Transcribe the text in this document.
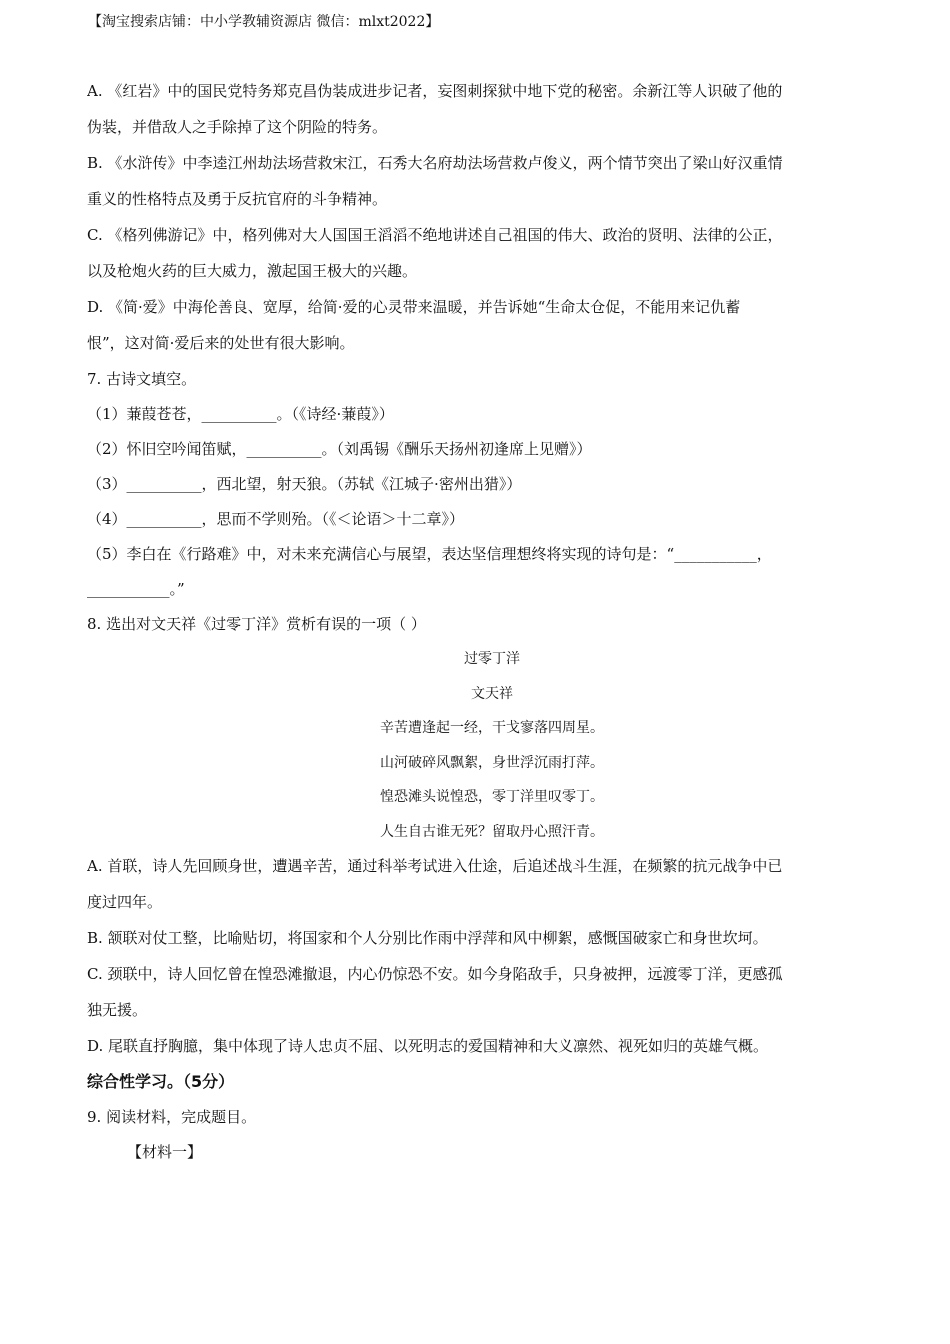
【淘宝搜索店铺：中小学教辅资源店 微信：mlxt2022】
A. 《红岩》中的国民党特务郑克昌伪装成进步记者，妄图刺探狱中地下党的秘密。余新江等人识破了他的
伪装，并借敌人之手除掉了这个阴险的特务。
B. 《水浒传》中李逵江州劫法场营救宋江，石秀大名府劫法场营救卢俊义，两个情节突出了梁山好汉重情
重义的性格特点及勇于反抗官府的斗争精神。
C. 《格列佛游记》中，格列佛对大人国国王滔滔不绝地讲述自己祖国的伟大、政治的贤明、法律的公正，
以及枪炮火药的巨大威力，激起国王极大的兴趣。
D. 《简·爱》中海伦善良、宽厚，给简·爱的心灵带来温暖，并告诉她“生命太仓促，不能用来记仇蓄
恨”，这对简·爱后来的处世有很大影响。
7. 古诗文填空。
（1）蒹葭苍苍，__________。（《诗经·蒹葭》）
（2）怀旧空吟闻笛赋，__________。（刘禹锡《酬乐天扬州初逢席上见赠》）
（3）__________，西北望，射天狼。（苏轼《江城子·密州出猎》）
（4）__________，思而不学则殆。（《＜论语＞十二章》）
（5）李白在《行路难》中，对未来充满信心与展望，表达坚信理想终将实现的诗句是：“___________，
___________。”
8. 选出对文天祥《过零丁洋》赏析有误的一项（ ）
过零丁洋
文天祥
辛苦遭逢起一经，干戈寥落四周星。
山河破碎风飘絮，身世浮沉雨打萍。
惶恐滩头说惶恐，零丁洋里叹零丁。
人生自古谁无死？留取丹心照汗青。
A. 首联，诗人先回顾身世，遭遇辛苦，通过科举考试进入仕途，后追述战斗生涯，在频繁的抗元战争中已
度过四年。
B. 颔联对仗工整，比喻贴切，将国家和个人分别比作雨中浮萍和风中柳絮，感慨国破家亡和身世坎坷。
C. 颈联中，诗人回忆曾在惶恐滩撤退，内心仍惊恐不安。如今身陷敌手，只身被押，远渡零丁洋，更感孤
独无援。
D. 尾联直抒胸臆，集中体现了诗人忠贞不屈、以死明志的爱国精神和大义凛然、视死如归的英雄气概。
综合性学习。（5分）
9. 阅读材料，完成题目。
【材料一】
